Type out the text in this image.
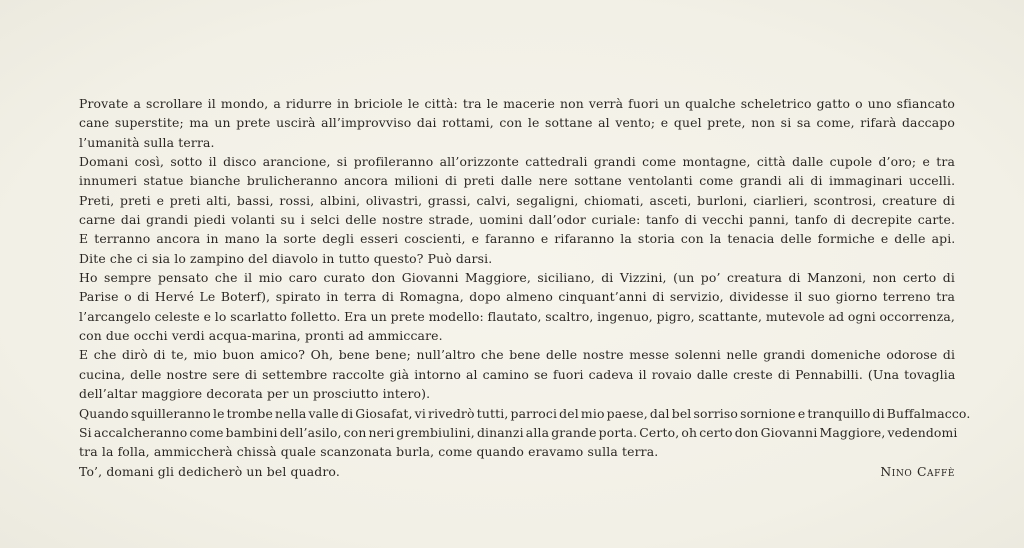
Provate a scrollare il mondo, a ridurre in briciole le città: tra le macerie non verrà fuori un qualche scheletrico gatto o uno sfiancato
cane superstite; ma un prete uscirà all’improvviso dai rottami, con le sottane al vento; e quel prete, non si sa come, rifarà daccapo
l’umanità sulla terra.
Domani così, sotto il disco arancione, si profileranno all’orizzonte cattedrali grandi come montagne, città dalle cupole d’oro; e tra
innumeri statue bianche brulicheranno ancora milioni di preti dalle nere sottane ventolanti come grandi ali di immaginari uccelli.
Preti, preti e preti alti, bassi, rossi, albini, olivastri, grassi, calvi, segaligni, chiomati, asceti, burloni, ciarlieri, scontrosi, creature di
carne dai grandi piedi volanti su i selci delle nostre strade, uomini dall’odor curiale: tanfo di vecchi panni, tanfo di decrepite carte.
E terranno ancora in mano la sorte degli esseri coscienti, e faranno e rifaranno la storia con la tenacia delle formiche e delle api.
Dite che ci sia lo zampino del diavolo in tutto questo? Può darsi.
Ho sempre pensato che il mio caro curato don Giovanni Maggiore, siciliano, di Vizzini, (un po’ creatura di Manzoni, non certo di
Parise o di Hervé Le Boterf), spirato in terra di Romagna, dopo almeno cinquant’anni di servizio, dividesse il suo giorno terreno tra
l’arcangelo celeste e lo scarlatto folletto. Era un prete modello: flautato, scaltro, ingenuo, pigro, scattante, mutevole ad ogni occorrenza,
con due occhi verdi acqua-marina, pronti ad ammiccare.
E che dirò di te, mio buon amico? Oh, bene bene; null’altro che bene delle nostre messe solenni nelle grandi domeniche odorose di
cucina, delle nostre sere di settembre raccolte già intorno al camino se fuori cadeva il rovaio dalle creste di Pennabilli. (Una tovaglia
dell’altar maggiore decorata per un prosciutto intero).
Quando squilleranno le trombe nella valle di Giosafat, vi rivedrò tutti, parroci del mio paese, dal bel sorriso sornione e tranquillo di Buffalmacco.
Si accalcheranno come bambini dell’asilo, con neri grembiulini, dinanzi alla grande porta. Certo, oh certo don Giovanni Maggiore, vedendomi
tra la folla, ammiccherà chissà quale scanzonata burla, come quando eravamo sulla terra.
To’, domani gli dedicherò un bel quadro.	Nino Caffè
